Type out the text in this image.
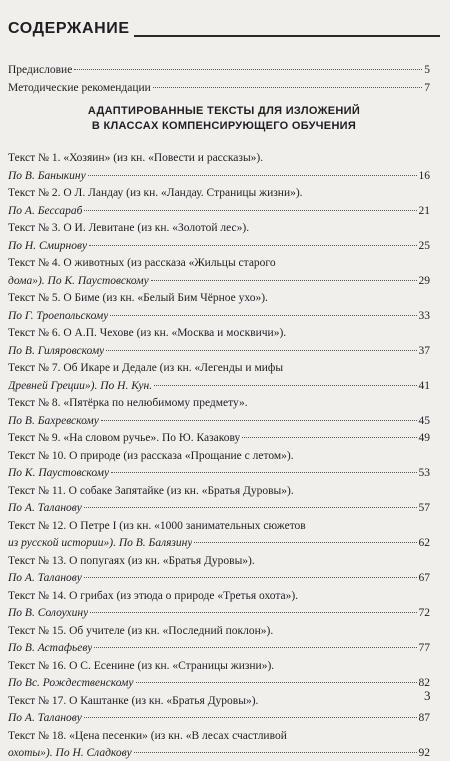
СОДЕРЖАНИЕ
Предисловие	5
Методические рекомендации	7
АДАПТИРОВАННЫЕ ТЕКСТЫ ДЛЯ ИЗЛОЖЕНИЙ
В КЛАССАХ КОМПЕНСИРУЮЩЕГО ОБУЧЕНИЯ
Текст № 1. «Хозяин» (из кн. «Повести и рассказы»).
По В. Баныкину	16
Текст № 2. О Л. Ландау (из кн. «Ландау. Страницы жизни»).
По А. Бессараб	21
Текст № 3. О И. Левитане (из кн. «Золотой лес»).
По Н. Смирнову	25
Текст № 4. О животных (из рассказа «Жильцы старого
дома»). По К. Паустовскому	29
Текст № 5. О Биме (из кн. «Белый Бим Чёрное ухо»).
По Г. Троепольскому	33
Текст № 6. О А.П. Чехове (из кн. «Москва и москвичи»).
По В. Гиляровскому	37
Текст № 7. Об Икаре и Дедале (из кн. «Легенды и мифы
Древней Греции»). По Н. Кун.	41
Текст № 8. «Пятёрка по нелюбимому предмету».
По В. Бахревскому	45
Текст № 9. «На словом ручье». По Ю. Казакову	49
Текст № 10. О природе (из рассказа «Прощание с летом»).
По К. Паустовскому	53
Текст № 11. О собаке Запятайке (из кн. «Братья Дуровы»).
По А. Таланову	57
Текст № 12. О Петре I (из кн. «1000 занимательных сюжетов
из русской истории»). По В. Балязину	62
Текст № 13. О попугаях (из кн. «Братья Дуровы»).
По А. Таланову	67
Текст № 14. О грибах (из этюда о природе «Третья охота»).
По В. Солоухину	72
Текст № 15. Об учителе (из кн. «Последний поклон»).
По В. Астафьеву	77
Текст № 16. О С. Есенине (из кн. «Страницы жизни»).
По Вс. Рождественскому	82
Текст № 17. О Каштанке (из кн. «Братья Дуровы»).
По А. Таланову	87
Текст № 18. «Цена песенки» (из кн. «В лесах счастливой
охоты»). По Н. Сладкову	92
3
